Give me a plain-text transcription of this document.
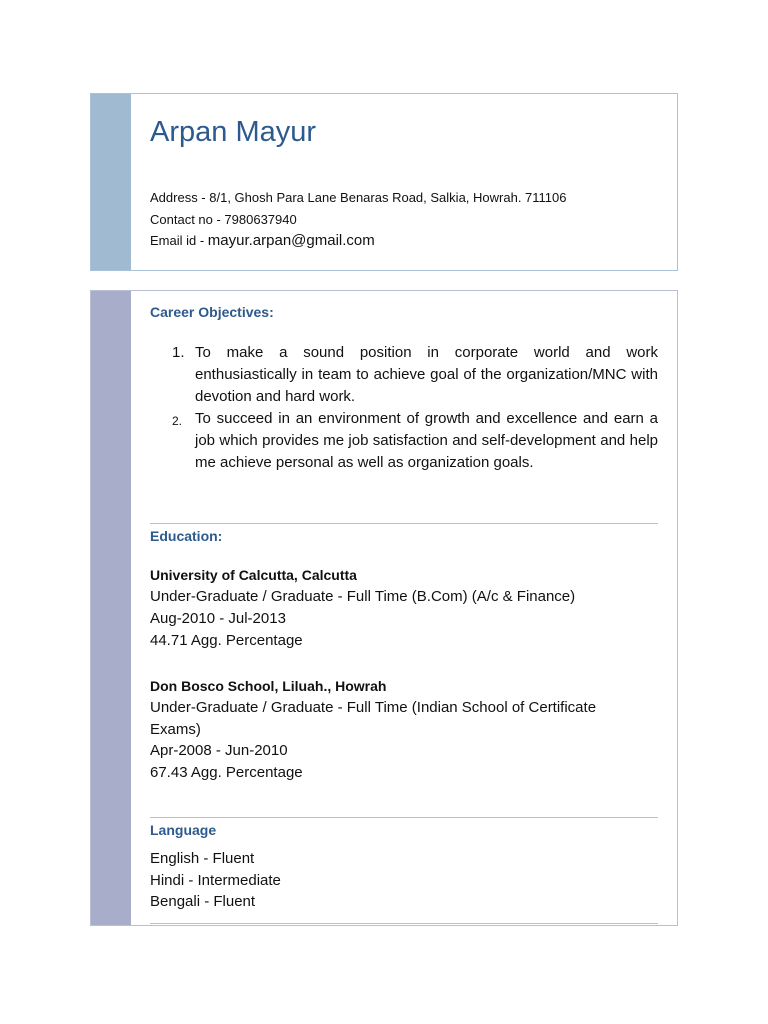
Arpan Mayur
Address - 8/1, Ghosh Para Lane Benaras Road, Salkia, Howrah. 711106
Contact no - 7980637940
Email id - mayur.arpan@gmail.com
Career Objectives:
1. To make a sound position in corporate world and work enthusiastically in team to achieve goal of the organization/MNC with devotion and hard work.
2. To succeed in an environment of growth and excellence and earn a job which provides me job satisfaction and self-development and help me achieve personal as well as organization goals.
Education:
University of Calcutta, Calcutta
Under-Graduate / Graduate - Full Time (B.Com) (A/c & Finance)
Aug-2010 - Jul-2013
44.71 Agg. Percentage
Don Bosco School, Liluah., Howrah
Under-Graduate / Graduate - Full Time (Indian School of Certificate
Exams)
Apr-2008 - Jun-2010
67.43 Agg. Percentage
Language
English - Fluent
Hindi - Intermediate
Bengali - Fluent
